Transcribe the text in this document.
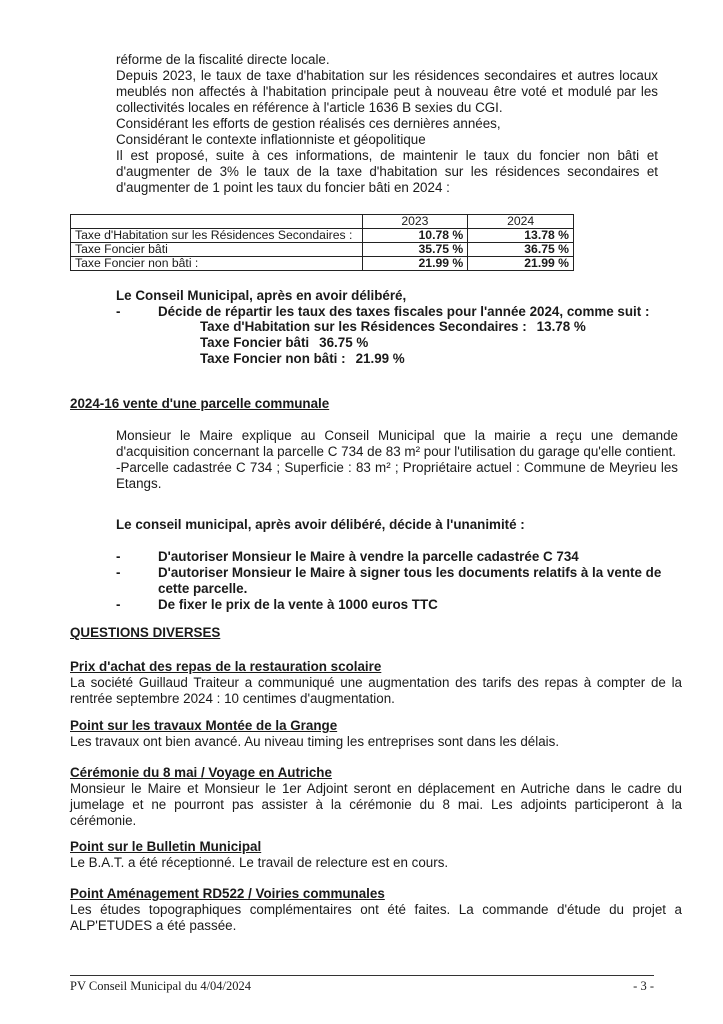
réforme de la fiscalité directe locale.

Depuis 2023, le taux de taxe d'habitation sur les résidences secondaires et autres locaux meublés non affectés à l'habitation principale peut à nouveau être voté et modulé par les collectivités locales en référence à l'article 1636 B sexies du CGI.

Considérant les efforts de gestion réalisés ces dernières années,

Considérant le contexte inflationniste et géopolitique

Il est proposé, suite à ces informations, de maintenir le taux du foncier non bâti et d'augmenter de 3% le taux de la taxe d'habitation sur les résidences secondaires et d'augmenter de 1 point les taux du foncier bâti en 2024 :

	2023	2024
Taxe d'Habitation sur les Résidences Secondaires :	10.78 %	13.78 %
Taxe Foncier bâti	35.75 %	36.75 %
Taxe Foncier non bâti :	21.99 %	21.99 %
Le Conseil Municipal, après en avoir délibéré,
-	Décide de répartir les taux des taxes fiscales pour l'année 2024, comme suit :
Taxe d'Habitation sur les Résidences Secondaires : 13.78 %
Taxe Foncier bâti 36.75 %
Taxe Foncier non bâti : 21.99 %
2024-16 vente d'une parcelle communale

Monsieur le Maire explique au Conseil Municipal que la mairie a reçu une demande d'acquisition concernant la parcelle C 734 de 83 m² pour l'utilisation du garage qu'elle contient.

-Parcelle cadastrée C 734 ; Superficie : 83 m² ; Propriétaire actuel : Commune de Meyrieu les Etangs.

Le conseil municipal, après avoir délibéré, décide à l'unanimité :
-	D'autoriser Monsieur le Maire à vendre la parcelle cadastrée C 734
-	D'autoriser Monsieur le Maire à signer tous les documents relatifs à la vente de cette parcelle.
-	De fixer le prix de la vente à 1000 euros TTC
QUESTIONS DIVERSES
Prix d'achat des repas de la restauration scolaire

La société Guillaud Traiteur a communiqué une augmentation des tarifs des repas à compter de la rentrée septembre 2024 : 10 centimes d'augmentation.

Point sur les travaux Montée de la Grange

Les travaux ont bien avancé. Au niveau timing les entreprises sont dans les délais.

Cérémonie du 8 mai / Voyage en Autriche

Monsieur le Maire et Monsieur le 1er Adjoint seront en déplacement en Autriche dans le cadre du jumelage et ne pourront pas assister à la cérémonie du 8 mai. Les adjoints participeront à la cérémonie.

Point sur le Bulletin Municipal

Le B.A.T. a été réceptionné. Le travail de relecture est en cours.

Point Aménagement RD522 / Voiries communales

Les études topographiques complémentaires ont été faites. La commande d'étude du projet a ALP'ETUDES a été passée.

PV Conseil Municipal du 4/04/2024	- 3 -
